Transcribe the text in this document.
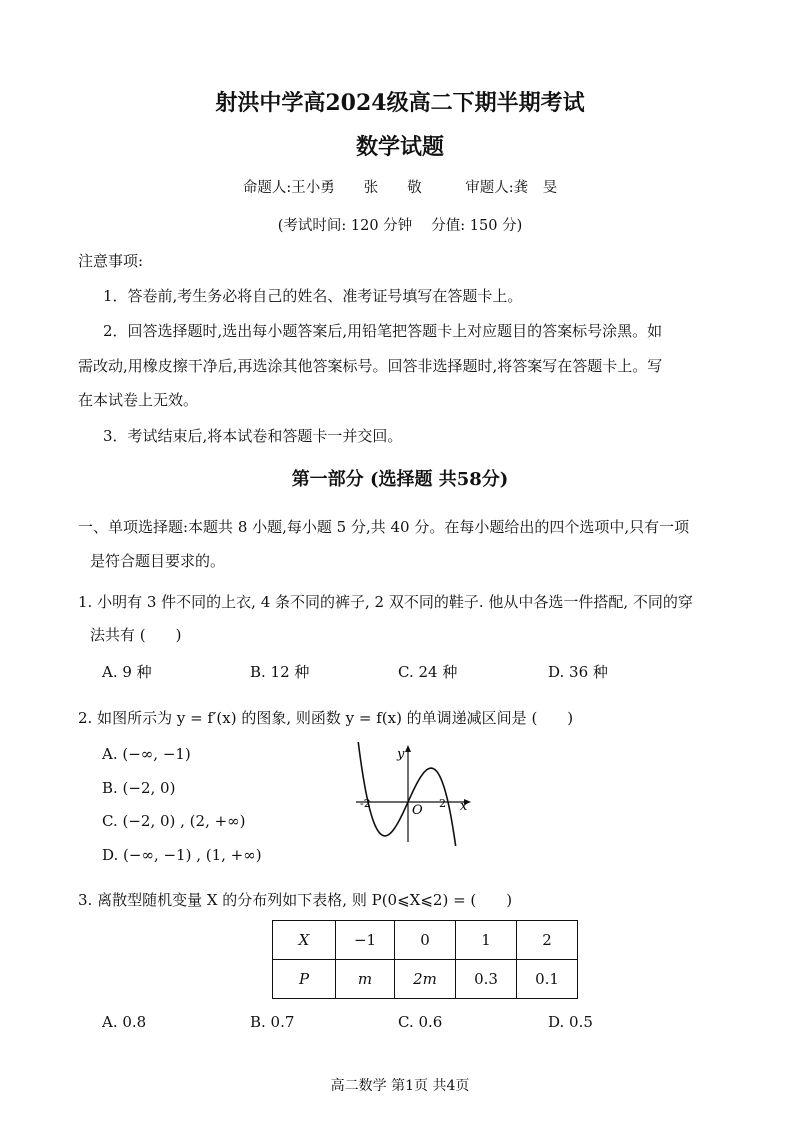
射洪中学高2024级高二下期半期考试
数学试题
命题人:王小勇　　张　　敬　　　审题人:龚　旻
(考试时间: 120 分钟　 分值: 150 分)
注意事项:
1．答卷前,考生务必将自己的姓名、准考证号填写在答题卡上。
2．回答选择题时,选出每小题答案后,用铅笔把答题卡上对应题目的答案标号涂黑。如
需改动,用橡皮擦干净后,再选涂其他答案标号。回答非选择题时,将答案写在答题卡上。写
在本试卷上无效。
3．考试结束后,将本试卷和答题卡一并交回。
第一部分 (选择题 共58分)
一、单项选择题:本题共 8 小题,每小题 5 分,共 40 分。在每小题给出的四个选项中,只有一项
是符合题目要求的。
1. 小明有 3 件不同的上衣, 4 条不同的裤子, 2 双不同的鞋子. 他从中各选一件搭配, 不同的穿
法共有 (　　)
A. 9 种	B. 12 种	C. 24 种	D. 36 种
2. 如图所示为 y = f′(x) 的图象, 则函数 y = f(x) 的单调递减区间是 (　　)
A. (−∞, −1)
B. (−2, 0)
C. (−2, 0) , (2, +∞)
D. (−∞, −1) , (1, +∞)
y
x
O
-2	2
3. 离散型随机变量 X 的分布列如下表格, 则 P(0⩽X⩽2) = (　　)
X	−1	0	1	2
P	m	2m	0.3	0.1
A. 0.8	B. 0.7	C. 0.6	D. 0.5
高二数学 第1页 共4页
